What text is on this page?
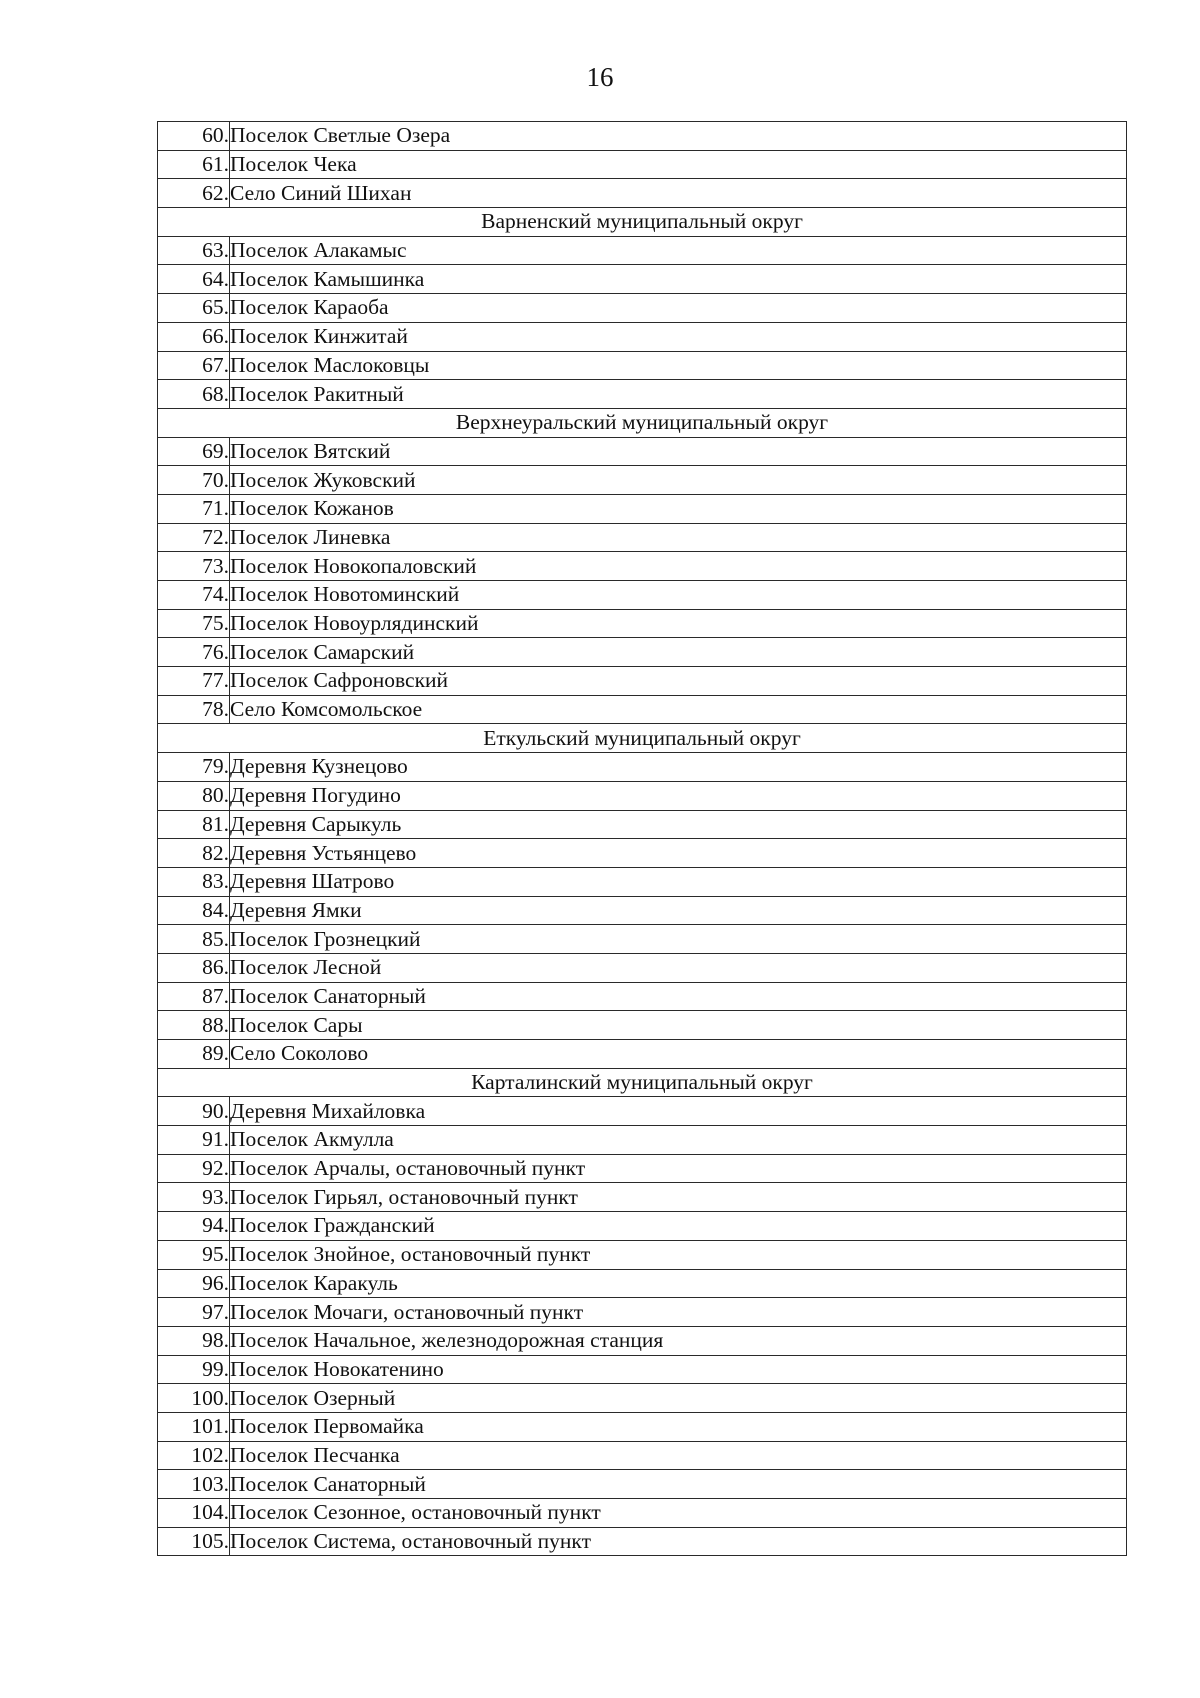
16
60.	Поселок Светлые Озера
61.	Поселок Чека
62.	Село Синий Шихан
Варненский муниципальный округ	
63.	Поселок Алакамыс
64.	Поселок Камышинка
65.	Поселок Караоба
66.	Поселок Кинжитай
67.	Поселок Маслоковцы
68.	Поселок Ракитный
Верхнеуральский муниципальный округ	
69.	Поселок Вятский
70.	Поселок Жуковский
71.	Поселок Кожанов
72.	Поселок Линевка
73.	Поселок Новокопаловский
74.	Поселок Новотоминский
75.	Поселок Новоурлядинский
76.	Поселок Самарский
77.	Поселок Сафроновский
78.	Село Комсомольское
Еткульский муниципальный округ	
79.	Деревня Кузнецово
80.	Деревня Погудино
81.	Деревня Сарыкуль
82.	Деревня Устьянцево
83.	Деревня Шатрово
84.	Деревня Ямки
85.	Поселок Грознецкий
86.	Поселок Лесной
87.	Поселок Санаторный
88.	Поселок Сары
89.	Село Соколово
Карталинский муниципальный округ	
90.	Деревня Михайловка
91.	Поселок Акмулла
92.	Поселок Арчалы, остановочный пункт
93.	Поселок Гирьял, остановочный пункт
94.	Поселок Гражданский
95.	Поселок Знойное, остановочный пункт
96.	Поселок Каракуль
97.	Поселок Мочаги, остановочный пункт
98.	Поселок Начальное, железнодорожная станция
99.	Поселок Новокатенино
100.	Поселок Озерный
101.	Поселок Первомайка
102.	Поселок Песчанка
103.	Поселок Санаторный
104.	Поселок Сезонное, остановочный пункт
105.	Поселок Система, остановочный пункт
